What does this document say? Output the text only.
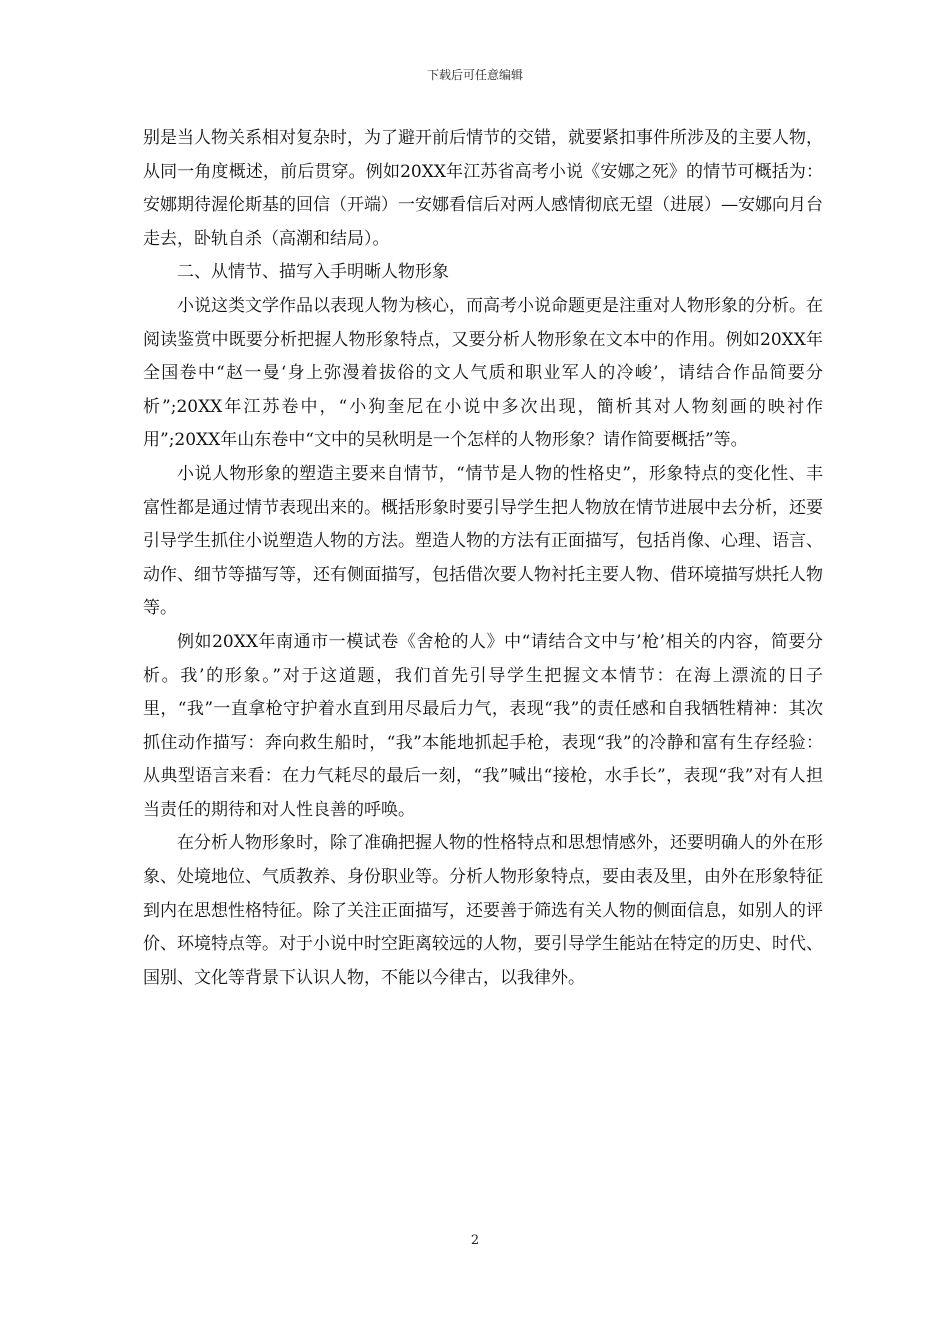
下载后可任意编辑

别是当人物关系相对复杂时，为了避开前后情节的交错，就要紧扣事件所涉及的主要人物，从同一角度概述，前后贯穿。例如20XX年江苏省高考小说《安娜之死》的情节可概括为：安娜期待渥伦斯基的回信（开端）一安娜看信后对两人感情彻底无望（进展）—安娜向月台走去，卧轨自杀（高潮和结局）。

二、从情节、描写入手明晰人物形象

小说这类文学作品以表现人物为核心，而高考小说命题更是注重对人物形象的分析。在阅读鉴赏中既要分析把握人物形象特点，又要分析人物形象在文本中的作用。例如20XX年全国卷中“赵一曼‘身上弥漫着拔俗的文人气质和职业军人的冷峻’，请结合作品简要分析”;20XX年江苏卷中，“小狗奎尼在小说中多次出现，簡析其对人物刻画的映衬作用”;20XX年山东卷中“文中的吴秋明是一个怎样的人物形象？请作简要概括”等。

小说人物形象的塑造主要来自情节，“情节是人物的性格史”，形象特点的变化性、丰富性都是通过情节表现出来的。概括形象时要引导学生把人物放在情节进展中去分析，还要引导学生抓住小说塑造人物的方法。塑造人物的方法有正面描写，包括肖像、心理、语言、动作、细节等描写等，还有侧面描写，包括借次要人物衬托主要人物、借环境描写烘托人物等。

例如20XX年南通市一模试卷《舍枪的人》中“请结合文中与’枪’相关的内容，简要分析。我’的形象。”对于这道题，我们首先引导学生把握文本情节：在海上漂流的日子里，“我”一直拿枪守护着水直到用尽最后力气，表现“我”的责任感和自我牺牲精神：其次抓住动作描写：奔向救生船时，“我”本能地抓起手枪，表现“我”的冷静和富有生存经验：从典型语言来看：在力气耗尽的最后一刻，“我”喊出“接枪，水手长”，表现“我”对有人担当责任的期待和对人性良善的呼唤。

在分析人物形象时，除了准确把握人物的性格特点和思想情感外，还要明确人的外在形象、处境地位、气质教养、身份职业等。分析人物形象特点，要由表及里，由外在形象特征到内在思想性格特征。除了关注正面描写，还要善于筛选有关人物的侧面信息，如别人的评价、环境特点等。对于小说中时空距离较远的人物，要引导学生能站在特定的历史、时代、国别、文化等背景下认识人物，不能以今律古，以我律外。

2
